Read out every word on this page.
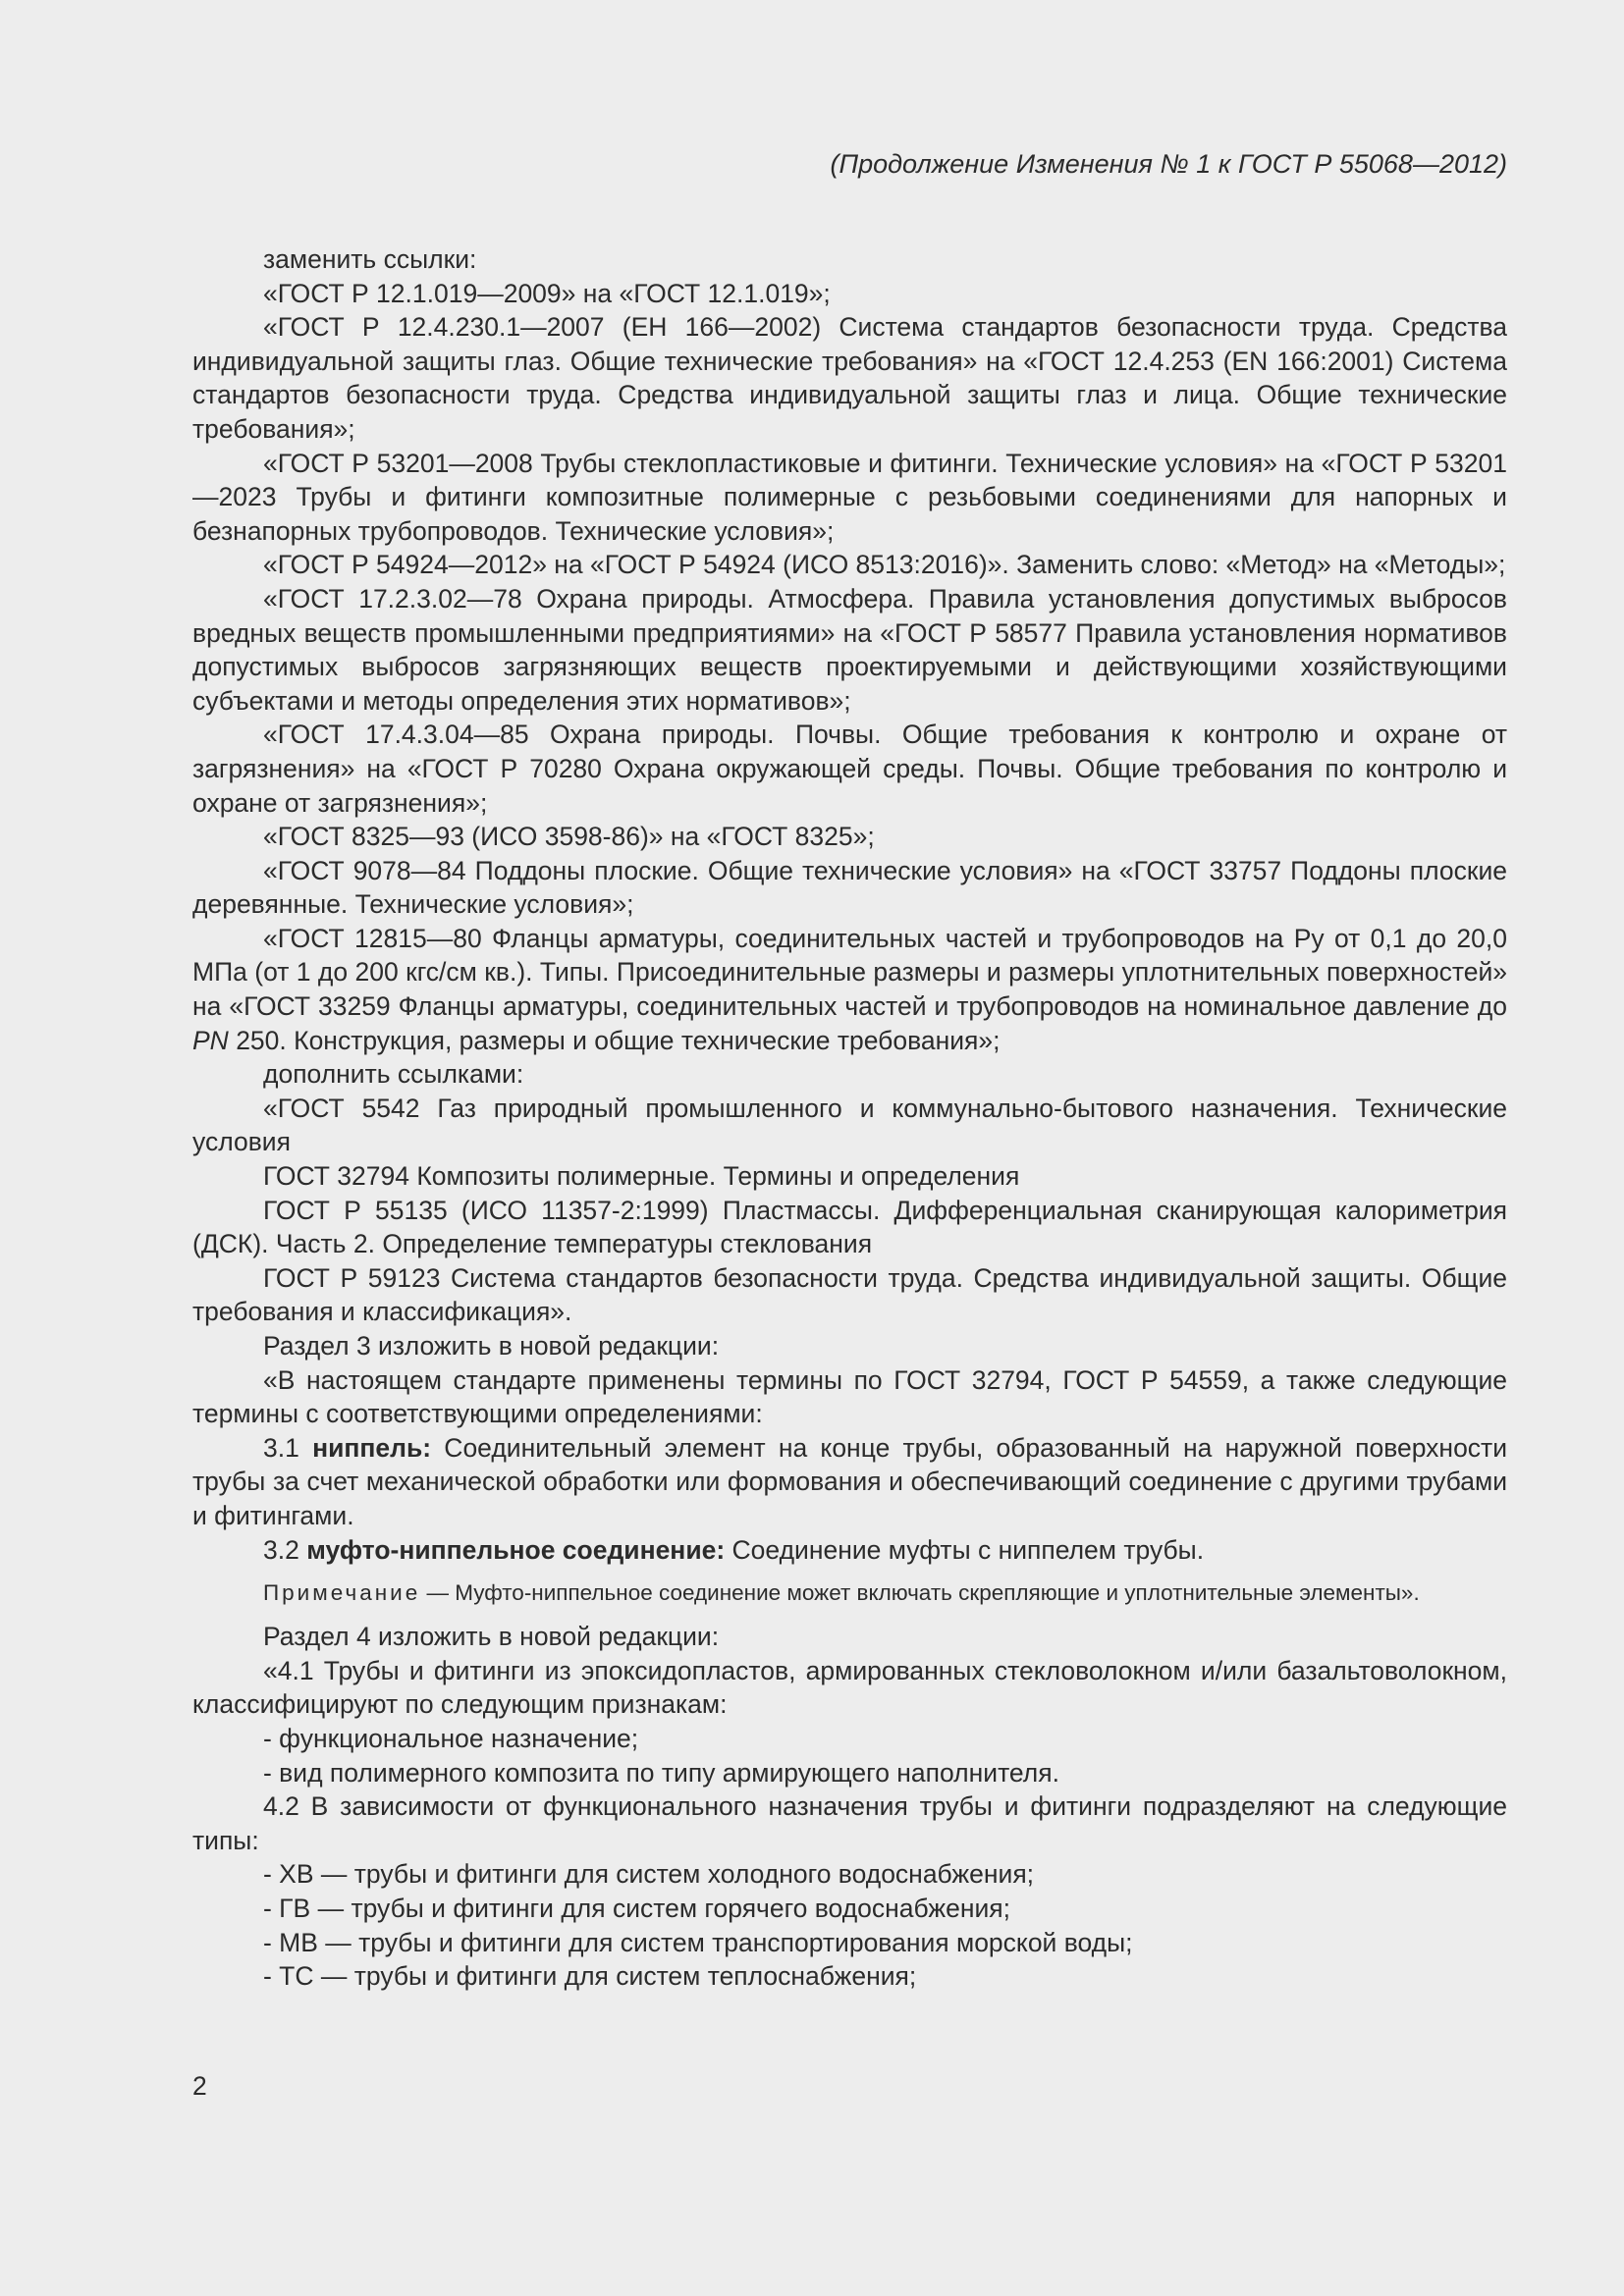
(Продолжение Изменения № 1 к ГОСТ Р 55068—2012)

заменить ссылки:

«ГОСТ Р 12.1.019—2009» на «ГОСТ 12.1.019»;

«ГОСТ Р 12.4.230.1—2007 (ЕН 166—2002) Система стандартов безопасности труда. Средства индивидуальной защиты глаз. Общие технические требования» на «ГОСТ 12.4.253 (EN 166:2001) Система стандартов безопасности труда. Средства индивидуальной защиты глаз и лица. Общие технические требования»;

«ГОСТ Р 53201—2008 Трубы стеклопластиковые и фитинги. Технические условия» на «ГОСТ Р 53201—2023 Трубы и фитинги композитные полимерные с резьбовыми соединениями для напорных и безнапорных трубопроводов. Технические условия»;

«ГОСТ Р 54924—2012» на «ГОСТ Р 54924 (ИСО 8513:2016)». Заменить слово: «Метод» на «Методы»;

«ГОСТ 17.2.3.02—78 Охрана природы. Атмосфера. Правила установления допустимых выбросов вредных веществ промышленными предприятиями» на «ГОСТ Р 58577 Правила установления нормативов допустимых выбросов загрязняющих веществ проектируемыми и действующими хозяйствующими субъектами и методы определения этих нормативов»;

«ГОСТ 17.4.3.04—85 Охрана природы. Почвы. Общие требования к контролю и охране от загрязнения» на «ГОСТ Р 70280 Охрана окружающей среды. Почвы. Общие требования по контролю и охране от загрязнения»;

«ГОСТ 8325—93 (ИСО 3598-86)» на «ГОСТ 8325»;

«ГОСТ 9078—84 Поддоны плоские. Общие технические условия» на «ГОСТ 33757 Поддоны плоские деревянные. Технические условия»;

«ГОСТ 12815—80 Фланцы арматуры, соединительных частей и трубопроводов на Ру от 0,1 до 20,0 МПа (от 1 до 200 кгс/см кв.). Типы. Присоединительные размеры и размеры уплотнительных поверхностей» на «ГОСТ 33259 Фланцы арматуры, соединительных частей и трубопроводов на номинальное давление до PN 250. Конструкция, размеры и общие технические требования»;

дополнить ссылками:

«ГОСТ 5542 Газ природный промышленного и коммунально-бытового назначения. Технические условия

ГОСТ 32794 Композиты полимерные. Термины и определения

ГОСТ Р 55135 (ИСО 11357-2:1999) Пластмассы. Дифференциальная сканирующая калориметрия (ДСК). Часть 2. Определение температуры стеклования

ГОСТ Р 59123 Система стандартов безопасности труда. Средства индивидуальной защиты. Общие требования и классификация».

Раздел 3 изложить в новой редакции:

«В настоящем стандарте применены термины по ГОСТ 32794, ГОСТ Р 54559, а также следующие термины с соответствующими определениями:

3.1 ниппель: Соединительный элемент на конце трубы, образованный на наружной поверхности трубы за счет механической обработки или формования и обеспечивающий соединение с другими трубами и фитингами.

3.2 муфто-ниппельное соединение: Соединение муфты с ниппелем трубы.

Примечание — Муфто-ниппельное соединение может включать скрепляющие и уплотнительные элементы».

Раздел 4 изложить в новой редакции:

«4.1 Трубы и фитинги из эпоксидопластов, армированных стекловолокном и/или базальтоволокном, классифицируют по следующим признакам:

- функциональное назначение;

- вид полимерного композита по типу армирующего наполнителя.

4.2 В зависимости от функционального назначения трубы и фитинги подразделяют на следующие типы:

- ХВ — трубы и фитинги для систем холодного водоснабжения;

- ГВ — трубы и фитинги для систем горячего водоснабжения;

- МВ — трубы и фитинги для систем транспортирования морской воды;

- ТС — трубы и фитинги для систем теплоснабжения;

2
